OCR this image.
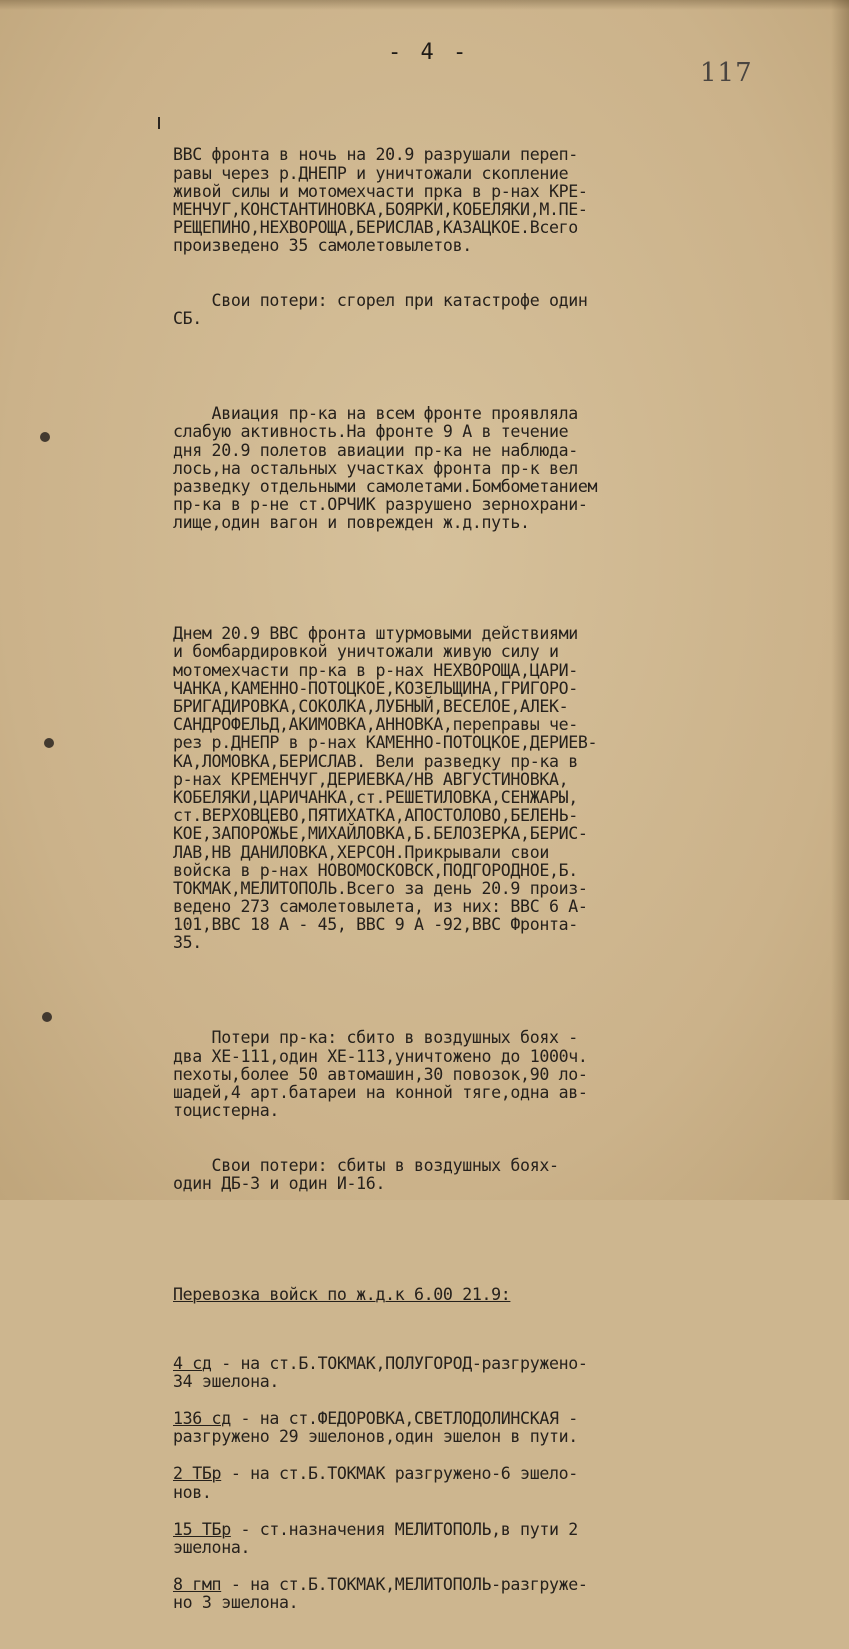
- 4 -
117

ВВС фронта в ночь на 20.9 разрушали переп-
равы через р.ДНЕПР и уничтожали скопление
живой силы и мотомехчасти прка в р-нах КРЕ-
МЕНЧУГ,КОНСТАНТИНОВКА,БОЯРКИ,КОБЕЛЯКИ,М.ПЕ-
РЕЩЕПИНО,НЕХВОРОЩА,БЕРИСЛАВ,КАЗАЦКОЕ.Всего
произведено 35 самолетовылетов.

Свои потери: сгорел при катастрофе один
СБ.

Авиация пр-ка на всем фронте проявляла
слабую активность.На фронте 9 А в течение
дня 20.9 полетов авиации пр-ка не наблюда-
лось,на остальных участках фронта пр-к вел
разведку отдельными самолетами.Бомбометанием
пр-ка в р-не ст.ОРЧИК разрушено зернохрани-
лище,один вагон и поврежден ж.д.путь.

Днем 20.9 ВВС фронта штурмовыми действиями
и бомбардировкой уничтожали живую силу и
мотомехчасти пр-ка в р-нах НЕХВОРОЩА,ЦАРИ-
ЧАНКА,КАМЕННО-ПОТОЦКОЕ,КОЗЕЛЬЩИНА,ГРИГОРО-
БРИГАДИРОВКА,СОКОЛКА,ЛУБНЫЙ,ВЕСЕЛОЕ,АЛЕК-
САНДРОФЕЛЬД,АКИМОВКА,АННОВКА,переправы че-
рез р.ДНЕПР в р-нах КАМЕННО-ПОТОЦКОЕ,ДЕРИЕВ-
КА,ЛОМОВКА,БЕРИСЛАВ. Вели разведку пр-ка в
р-нах КРЕМЕНЧУГ,ДЕРИЕВКА/НВ АВГУСТИНОВКА,
КОБЕЛЯКИ,ЦАРИЧАНКА,ст.РЕШЕТИЛОВКА,СЕНЖАРЫ,
ст.ВЕРХОВЦЕВО,ПЯТИХАТКА,АПОСТОЛОВО,БЕЛЕНЬ-
КОЕ,ЗАПОРОЖЬЕ,МИХАЙЛОВКА,Б.БЕЛОЗЕРКА,БЕРИС-
ЛАВ,НВ ДАНИЛОВКА,ХЕРСОН.Прикрывали свои
войска в р-нах НОВОМОСКОВСК,ПОДГОРОДНОЕ,Б.
ТОКМАК,МЕЛИТОПОЛЬ.Всего за день 20.9 произ-
ведено 273 самолетовылета, из них: ВВС 6 А-
101,ВВС 18 А - 45, ВВС 9 А -92,ВВС Фронта-
35.

Потери пр-ка: сбито в воздушных боях -
два ХЕ-111,один ХЕ-113,уничтожено до 1000ч.
пехоты,более 50 автомашин,30 повозок,90 ло-
шадей,4 арт.батареи на конной тяге,одна ав-
тоцистерна.

Свои потери: сбиты в воздушных боях-
один ДБ-3 и один И-16.

Перевозка войск по ж.д.к 6.00 21.9:

4 сд - на ст.Б.ТОКМАК,ПОЛУГОРОД-разгружено-
34 эшелона.
136 сд - на ст.ФЕДОРОВКА,СВЕТЛОДОЛИНСКАЯ -
разгружено 29 эшелонов,один эшелон в пути.
2 ТБр - на ст.Б.ТОКМАК разгружено-6 эшело-
нов.
15 ТБр - ст.назначения МЕЛИТОПОЛЬ,в пути 2
эшелона.
8 гмп - на ст.Б.ТОКМАК,МЕЛИТОПОЛЬ-разгруже-
но 3 эшелона.
